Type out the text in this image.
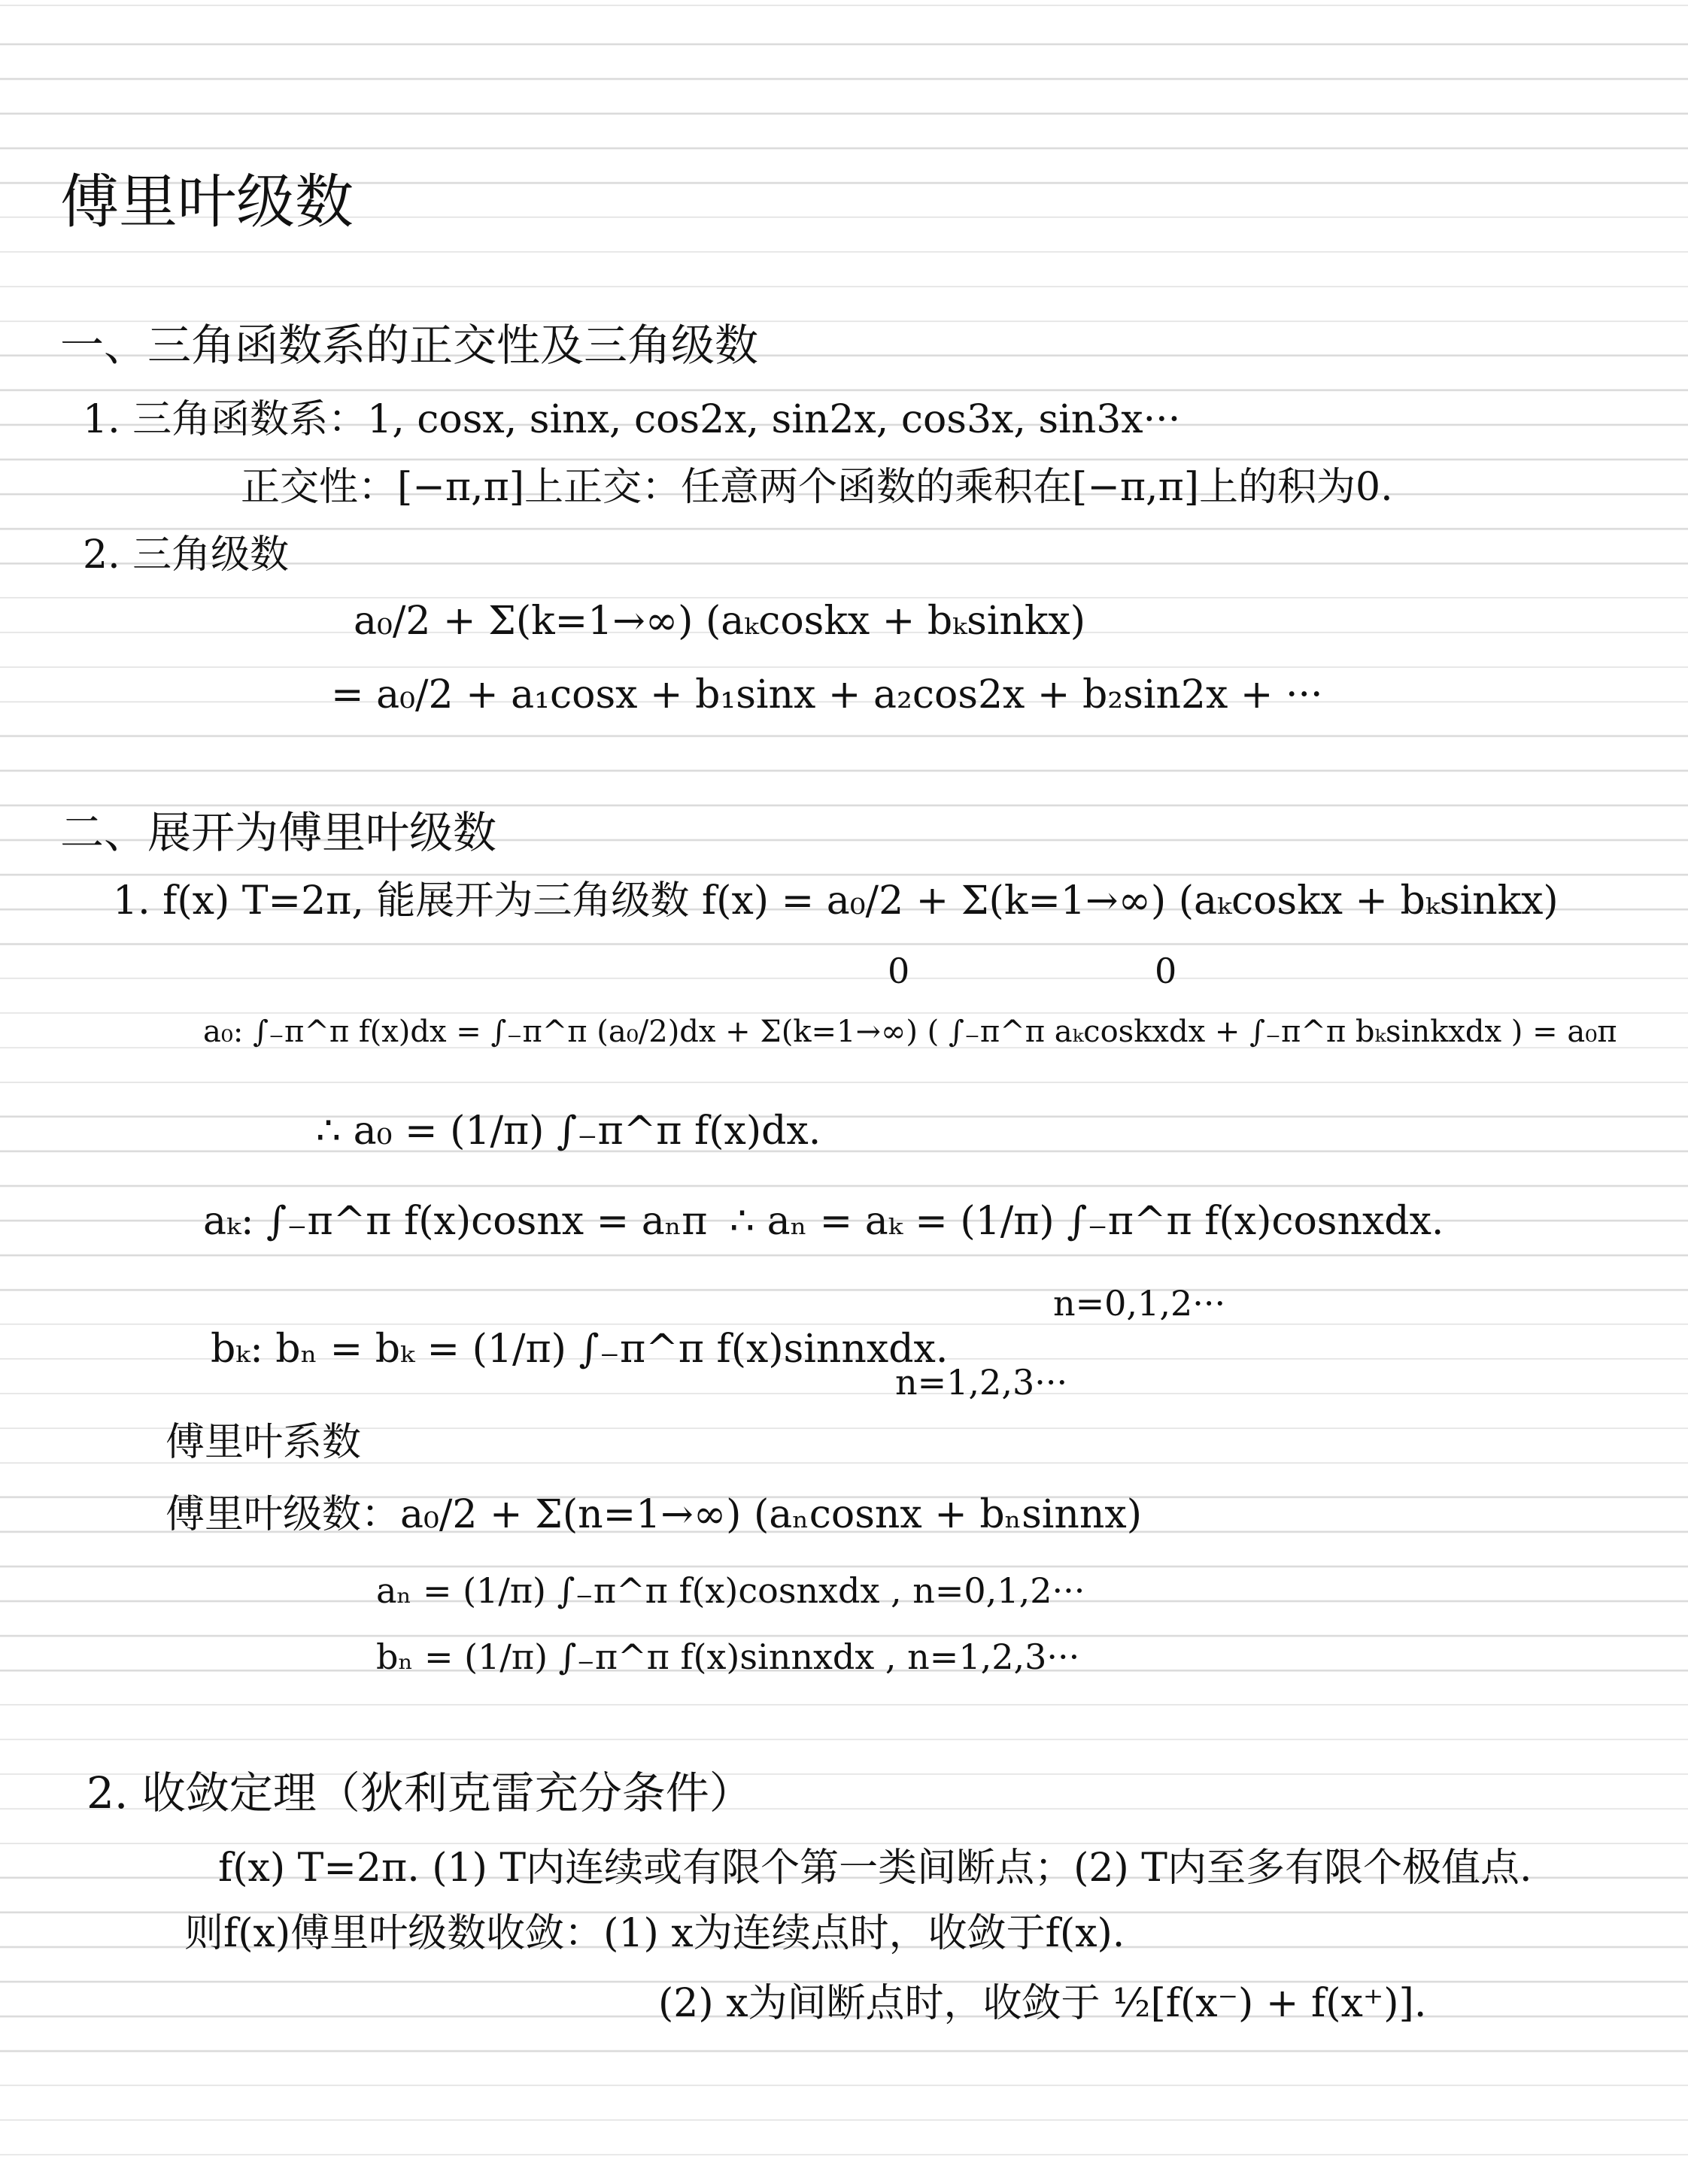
傅里叶级数
一、三角函数系的正交性及三角级数
1. 三角函数系：1, cosx, sinx, cos2x, sin2x, cos3x, sin3x···
正交性：[−π,π]上正交：任意两个函数的乘积在[−π,π]上的积为0.
2. 三角级数
a₀/2 + Σ(k=1→∞) (aₖcoskx + bₖsinkx)
= a₀/2 + a₁cosx + b₁sinx + a₂cos2x + b₂sin2x + ···
二、展开为傅里叶级数
1. f(x) T=2π, 能展开为三角级数 f(x) = a₀/2 + Σ(k=1→∞) (aₖcoskx + bₖsinkx)
0	0
a₀: ∫₋π^π f(x)dx = ∫₋π^π (a₀/2)dx + Σ(k=1→∞) ( ∫₋π^π aₖcoskxdx + ∫₋π^π bₖsinkxdx ) = a₀π
∴ a₀ = (1/π) ∫₋π^π f(x)dx.
aₖ: ∫₋π^π f(x)cosnx = aₙπ ∴ aₙ = aₖ = (1/π) ∫₋π^π f(x)cosnxdx.
n=0,1,2···
bₖ: bₙ = bₖ = (1/π) ∫₋π^π f(x)sinnxdx.
n=1,2,3···
傅里叶系数
傅里叶级数：a₀/2 + Σ(n=1→∞) (aₙcosnx + bₙsinnx)
aₙ = (1/π) ∫₋π^π f(x)cosnxdx , n=0,1,2···
bₙ = (1/π) ∫₋π^π f(x)sinnxdx , n=1,2,3···
2. 收敛定理（狄利克雷充分条件）
f(x) T=2π. (1) T内连续或有限个第一类间断点；(2) T内至多有限个极值点.
则f(x)傅里叶级数收敛：(1) x为连续点时，收敛于f(x).
(2) x为间断点时，收敛于 ½[f(x⁻) + f(x⁺)].
